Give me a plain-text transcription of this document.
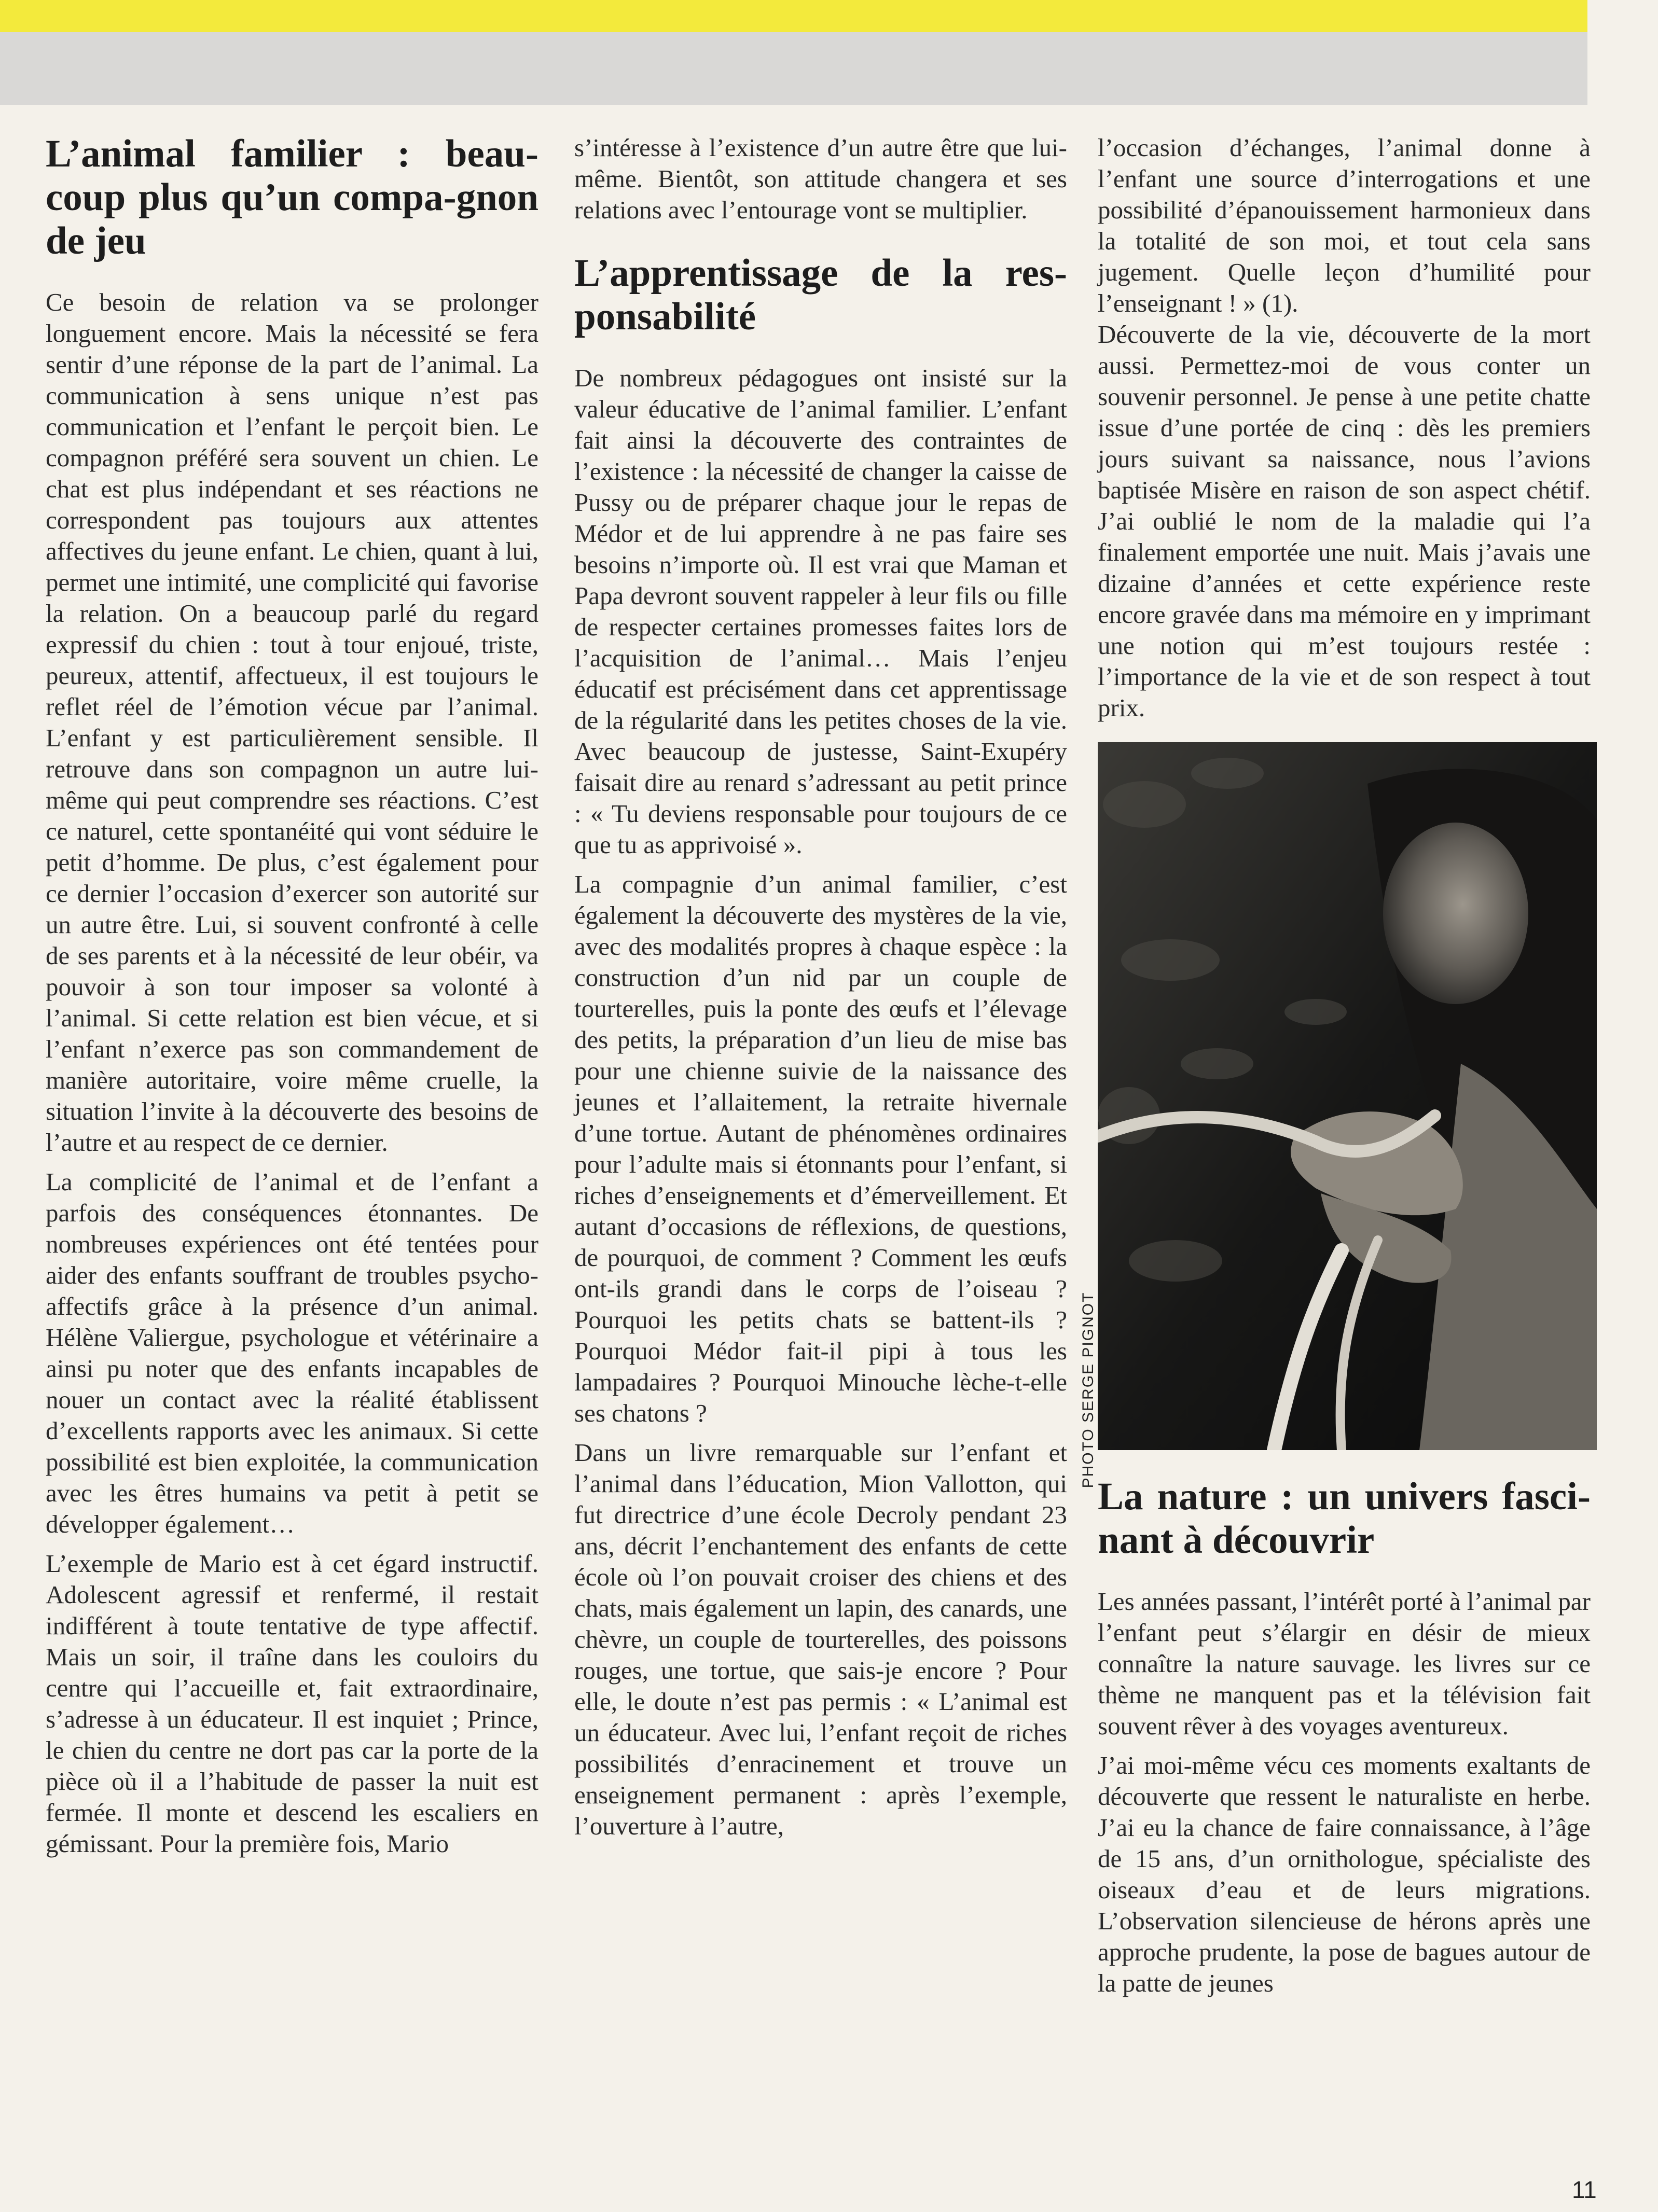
L’animal familier : beau-coup plus qu’un compa-gnon de jeu

Ce besoin de relation va se prolonger longuement encore. Mais la nécessité se fera sentir d’une réponse de la part de l’animal. La communication à sens unique n’est pas communication et l’enfant le perçoit bien. Le compagnon préféré sera souvent un chien. Le chat est plus indépendant et ses réactions ne correspondent pas toujours aux attentes affectives du jeune enfant. Le chien, quant à lui, permet une intimité, une complicité qui favorise la relation. On a beaucoup parlé du regard expressif du chien : tout à tour enjoué, triste, peureux, attentif, affectueux, il est toujours le reflet réel de l’émotion vécue par l’animal. L’enfant y est particulièrement sensible. Il retrouve dans son compagnon un autre lui-même qui peut comprendre ses réactions. C’est ce naturel, cette spontanéité qui vont séduire le petit d’homme. De plus, c’est également pour ce dernier l’occasion d’exercer son autorité sur un autre être. Lui, si souvent confronté à celle de ses parents et à la nécessité de leur obéir, va pouvoir à son tour imposer sa volonté à l’animal. Si cette relation est bien vécue, et si l’enfant n’exerce pas son commandement de manière autoritaire, voire même cruelle, la situation l’invite à la découverte des besoins de l’autre et au respect de ce dernier.

La complicité de l’animal et de l’enfant a parfois des conséquences étonnantes. De nombreuses expériences ont été tentées pour aider des enfants souffrant de troubles psycho-affectifs grâce à la présence d’un animal. Hélène Valiergue, psychologue et vétérinaire a ainsi pu noter que des enfants incapables de nouer un contact avec la réalité établissent d’excellents rapports avec les animaux. Si cette possibilité est bien exploitée, la communication avec les êtres humains va petit à petit se développer également…

L’exemple de Mario est à cet égard instructif. Adolescent agressif et renfermé, il restait indifférent à toute tentative de type affectif. Mais un soir, il traîne dans les couloirs du centre qui l’accueille et, fait extraordinaire, s’adresse à un éducateur. Il est inquiet ; Prince, le chien du centre ne dort pas car la porte de la pièce où il a l’habitude de passer la nuit est fermée. Il monte et descend les escaliers en gémissant. Pour la première fois, Mario

s’intéresse à l’existence d’un autre être que lui-même. Bientôt, son attitude changera et ses relations avec l’entourage vont se multiplier.

L’apprentissage de la res-ponsabilité

De nombreux pédagogues ont insisté sur la valeur éducative de l’animal familier. L’enfant fait ainsi la découverte des contraintes de l’existence : la nécessité de changer la caisse de Pussy ou de préparer chaque jour le repas de Médor et de lui apprendre à ne pas faire ses besoins n’importe où. Il est vrai que Maman et Papa devront souvent rappeler à leur fils ou fille de respecter certaines promesses faites lors de l’acquisition de l’animal… Mais l’enjeu éducatif est précisément dans cet apprentissage de la régularité dans les petites choses de la vie. Avec beaucoup de justesse, Saint-Exupéry faisait dire au renard s’adressant au petit prince : « Tu deviens responsable pour toujours de ce que tu as apprivoisé ».

La compagnie d’un animal familier, c’est également la découverte des mystères de la vie, avec des modalités propres à chaque espèce : la construction d’un nid par un couple de tourterelles, puis la ponte des œufs et l’élevage des petits, la préparation d’un lieu de mise bas pour une chienne suivie de la naissance des jeunes et l’allaitement, la retraite hivernale d’une tortue. Autant de phénomènes ordinaires pour l’adulte mais si étonnants pour l’enfant, si riches d’enseignements et d’émerveillement. Et autant d’occasions de réflexions, de questions, de pourquoi, de comment ? Comment les œufs ont-ils grandi dans le corps de l’oiseau ? Pourquoi les petits chats se battent-ils ? Pourquoi Médor fait-il pipi à tous les lampadaires ? Pourquoi Minouche lèche-t-elle ses chatons ?

Dans un livre remarquable sur l’enfant et l’animal dans l’éducation, Mion Vallotton, qui fut directrice d’une école Decroly pendant 23 ans, décrit l’enchantement des enfants de cette école où l’on pouvait croiser des chiens et des chats, mais également un lapin, des canards, une chèvre, un couple de tourterelles, des poissons rouges, une tortue, que sais-je encore ? Pour elle, le doute n’est pas permis : « L’animal est un éducateur. Avec lui, l’enfant reçoit de riches possibilités d’enracinement et trouve un enseignement permanent : après l’exemple, l’ouverture à l’autre,

l’occasion d’échanges, l’animal donne à l’enfant une source d’interrogations et une possibilité d’épanouissement harmonieux dans la totalité de son moi, et tout cela sans jugement. Quelle leçon d’humilité pour l’enseignant ! » (1).

Découverte de la vie, découverte de la mort aussi. Permettez-moi de vous conter un souvenir personnel. Je pense à une petite chatte issue d’une portée de cinq : dès les premiers jours suivant sa naissance, nous l’avions baptisée Misère en raison de son aspect chétif. J’ai oublié le nom de la maladie qui l’a finalement emportée une nuit. Mais j’avais une dizaine d’années et cette expérience reste encore gravée dans ma mémoire en y imprimant une notion qui m’est toujours restée : l’importance de la vie et de son respect à tout prix.

La nature : un univers fasci-nant à découvrir

Les années passant, l’intérêt porté à l’animal par l’enfant peut s’élargir en désir de mieux connaître la nature sauvage. les livres sur ce thème ne manquent pas et la télévision fait souvent rêver à des voyages aventureux.

J’ai moi-même vécu ces moments exaltants de découverte que ressent le naturaliste en herbe. J’ai eu la chance de faire connaissance, à l’âge de 15 ans, d’un ornithologue, spécialiste des oiseaux d’eau et de leurs migrations. L’observation silencieuse de hérons après une approche prudente, la pose de bagues autour de la patte de jeunes

PHOTO SERGE PIGNOT
11
